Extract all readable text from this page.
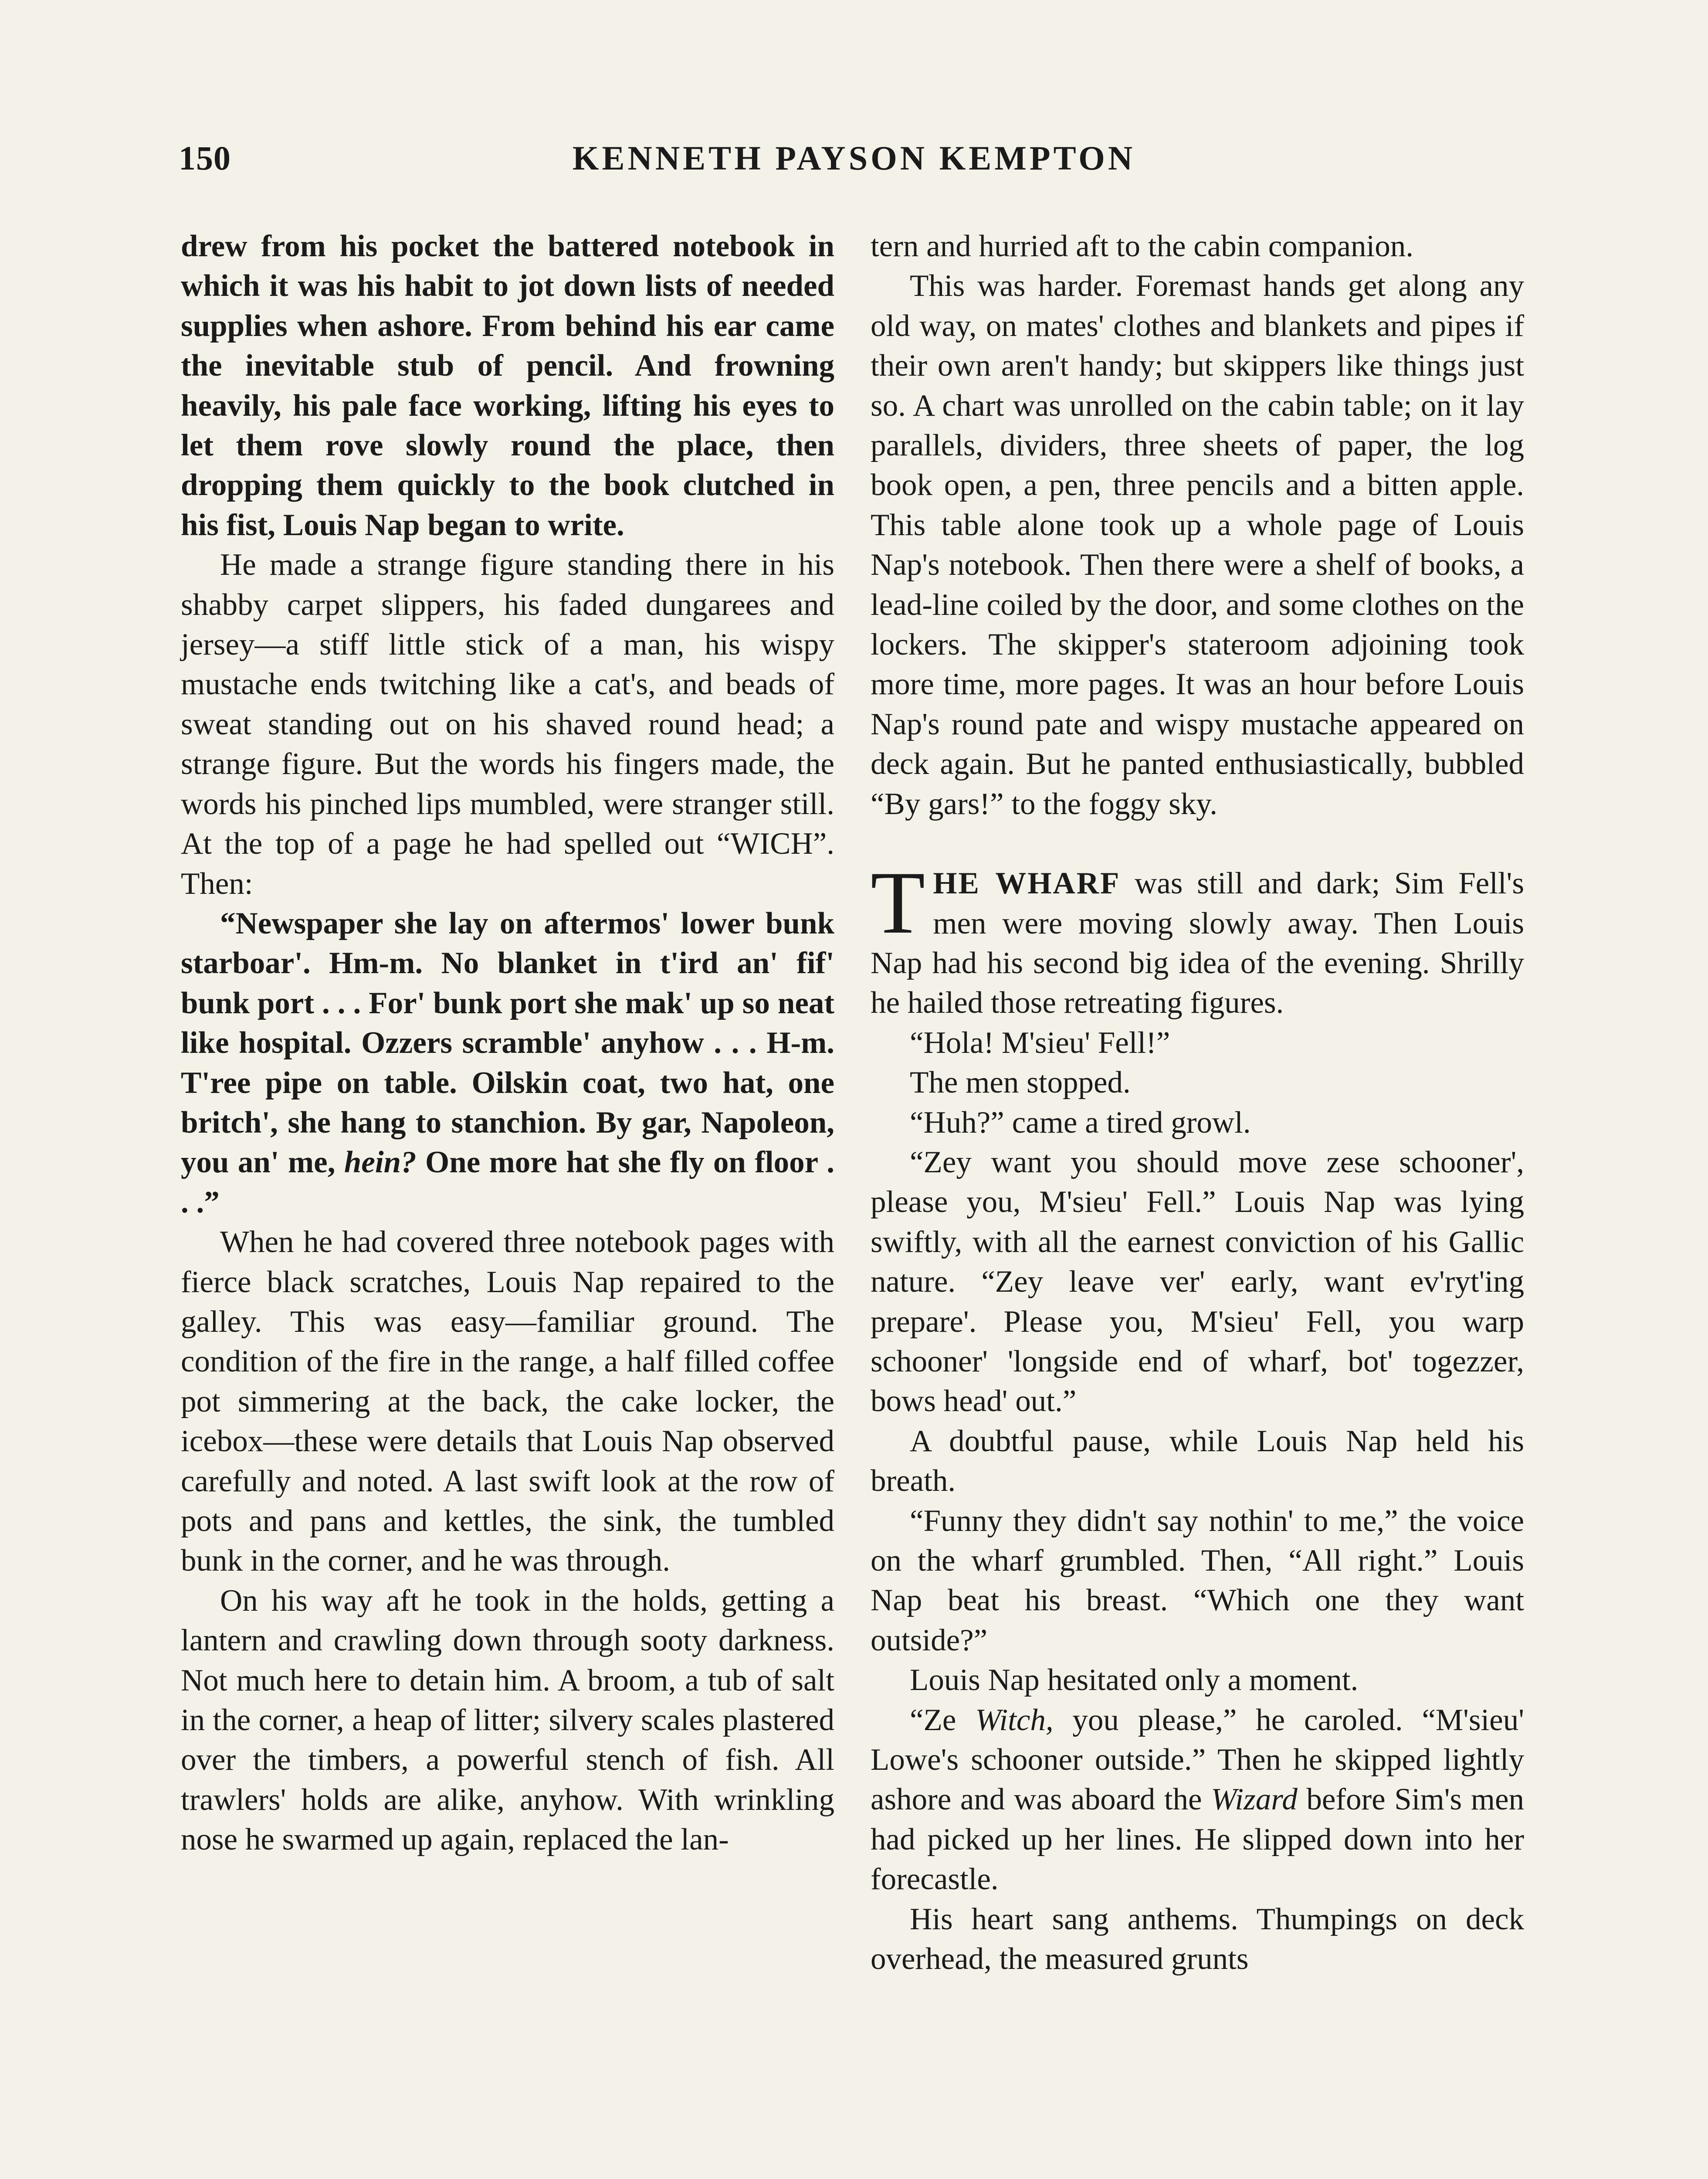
150	KENNETH PAYSON KEMPTON

drew from his pocket the battered notebook in which it was his habit to jot down lists of needed supplies when ashore. From behind his ear came the inevitable stub of pencil. And frowning heavily, his pale face working, lifting his eyes to let them rove slowly round the place, then dropping them quickly to the book clutched in his fist, Louis Nap began to write.

He made a strange figure standing there in his shabby carpet slippers, his faded dungarees and jersey—a stiff little stick of a man, his wispy mustache ends twitching like a cat's, and beads of sweat standing out on his shaved round head; a strange figure. But the words his fingers made, the words his pinched lips mumbled, were stranger still. At the top of a page he had spelled out “WICH”. Then:

“Newspaper she lay on aftermos' lower bunk starboar'. Hm-m. No blanket in t'ird an' fif' bunk port . . . For' bunk port she mak' up so neat like hospital. Ozzers scramble' anyhow . . . H-m. T'ree pipe on table. Oilskin coat, two hat, one britch', she hang to stanchion. By gar, Napoleon, you an' me, hein? One more hat she fly on floor . . .”

When he had covered three notebook pages with fierce black scratches, Louis Nap repaired to the galley. This was easy—familiar ground. The condition of the fire in the range, a half filled coffee pot simmering at the back, the cake locker, the icebox—these were details that Louis Nap observed carefully and noted. A last swift look at the row of pots and pans and kettles, the sink, the tumbled bunk in the corner, and he was through.

On his way aft he took in the holds, getting a lantern and crawling down through sooty darkness. Not much here to detain him. A broom, a tub of salt in the corner, a heap of litter; silvery scales plastered over the timbers, a powerful stench of fish. All trawlers' holds are alike, anyhow. With wrinkling nose he swarmed up again, replaced the lan-

tern and hurried aft to the cabin companion.

This was harder. Foremast hands get along any old way, on mates' clothes and blankets and pipes if their own aren't handy; but skippers like things just so. A chart was unrolled on the cabin table; on it lay parallels, dividers, three sheets of paper, the log book open, a pen, three pencils and a bitten apple. This table alone took up a whole page of Louis Nap's notebook. Then there were a shelf of books, a lead-line coiled by the door, and some clothes on the lockers. The skipper's stateroom adjoining took more time, more pages. It was an hour before Louis Nap's round pate and wispy mustache appeared on deck again. But he panted enthusiastically, bubbled “By gars!” to the foggy sky.

THE WHARF was still and dark; Sim Fell's men were moving slowly away. Then Louis Nap had his second big idea of the evening. Shrilly he hailed those retreating figures.

“Hola! M'sieu' Fell!”

The men stopped.

“Huh?” came a tired growl.

“Zey want you should move zese schooner', please you, M'sieu' Fell.” Louis Nap was lying swiftly, with all the earnest conviction of his Gallic nature. “Zey leave ver' early, want ev'ryt'ing prepare'. Please you, M'sieu' Fell, you warp schooner' 'longside end of wharf, bot' togezzer, bows head' out.”

A doubtful pause, while Louis Nap held his breath.

“Funny they didn't say nothin' to me,” the voice on the wharf grumbled. Then, “All right.” Louis Nap beat his breast. “Which one they want outside?”

Louis Nap hesitated only a moment.

“Ze Witch, you please,” he caroled. “M'sieu' Lowe's schooner outside.” Then he skipped lightly ashore and was aboard the Wizard before Sim's men had picked up her lines. He slipped down into her forecastle.

His heart sang anthems. Thumpings on deck overhead, the measured grunts
